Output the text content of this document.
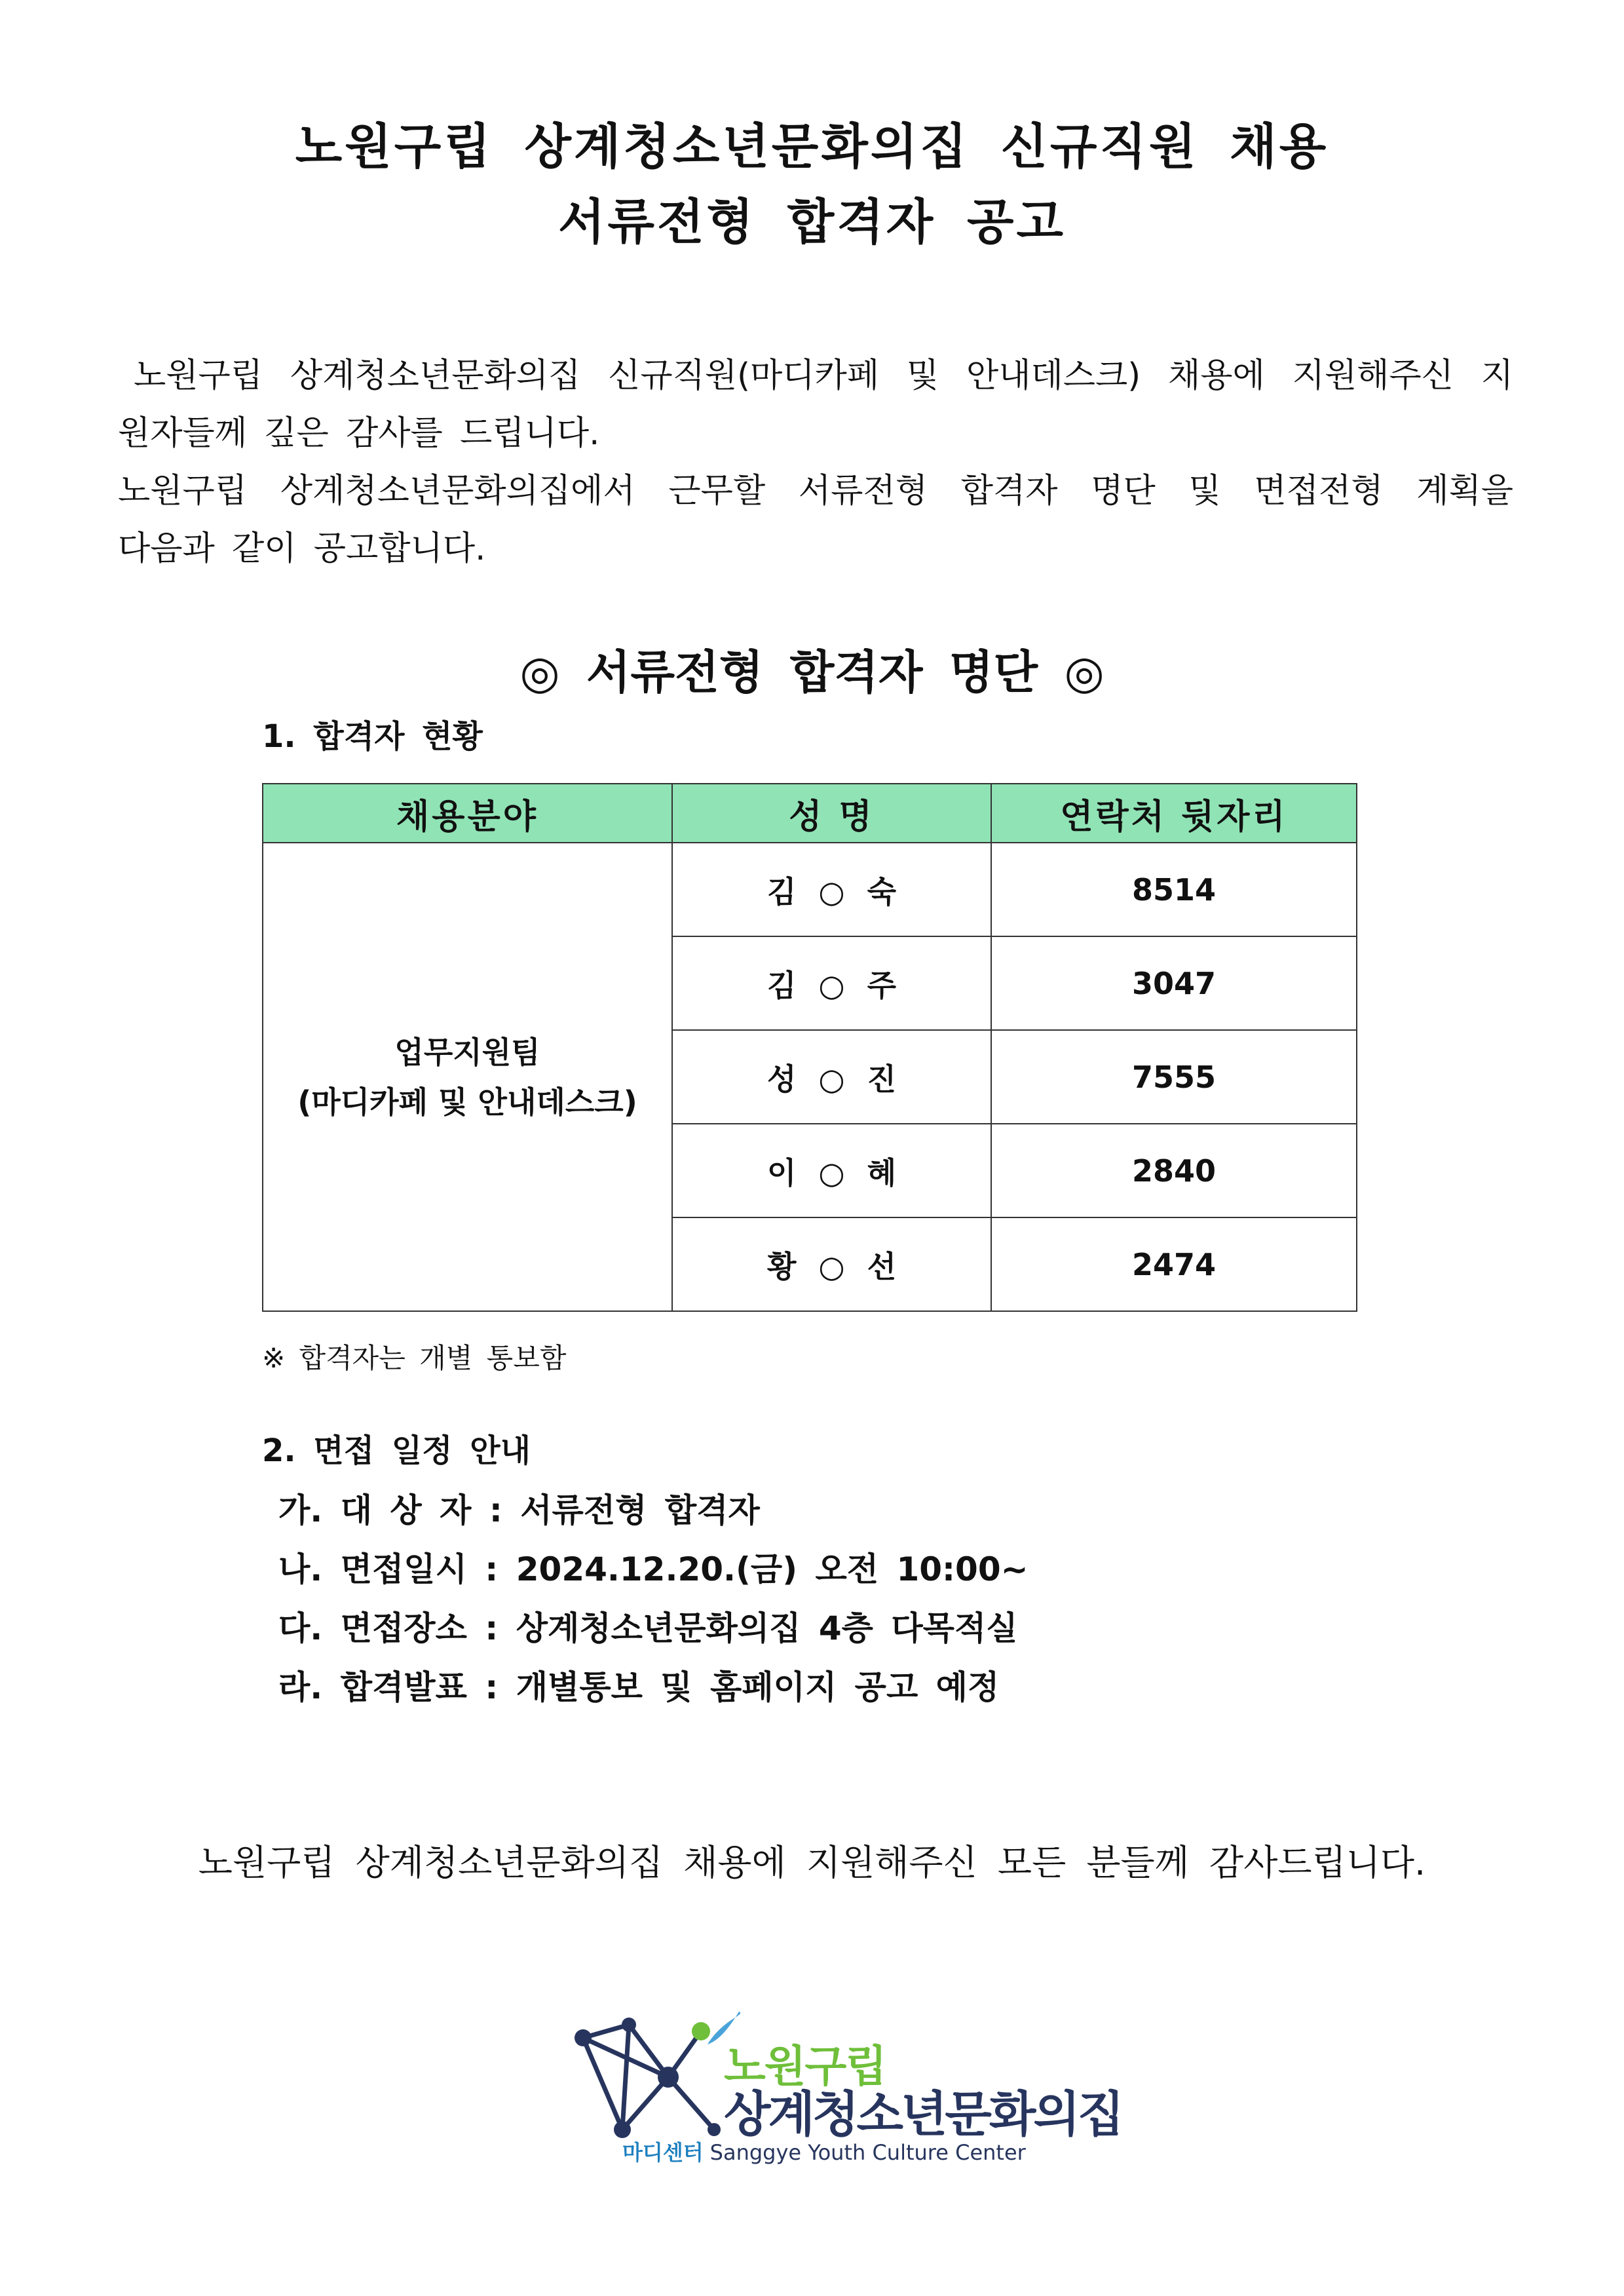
노원구립 상계청소년문화의집 신규직원 채용
서류전형 합격자 공고
노원구립 상계청소년문화의집 신규직원(마디카페 및 안내데스크) 채용에 지원해주신 지
원자들께 깊은 감사를 드립니다.
노원구립 상계청소년문화의집에서 근무할 서류전형 합격자 명단 및 면접전형 계획을
다음과 같이 공고합니다.
◎ 서류전형 합격자 명단 ◎
1. 합격자 현황
채용분야	성 명	연락처 뒷자리

업무지원팀
(마디카페 및 안내데스크)	김 ○ 숙	8514
	김 ○ 주	3047
	성 ○ 진	7555
	이 ○ 혜	2840
	황 ○ 선	2474
※ 합격자는 개별 통보함
2. 면접 일정 안내
가. 대 상 자 : 서류전형 합격자
나. 면접일시 : 2024.12.20.(금) 오전 10:00~
다. 면접장소 : 상계청소년문화의집 4층 다목적실
라. 합격발표 : 개별통보 및 홈페이지 공고 예정
노원구립 상계청소년문화의집 채용에 지원해주신 모든 분들께 감사드립니다.
노원구립
상계청소년문화의집
마디센터 Sanggye Youth Culture Center
